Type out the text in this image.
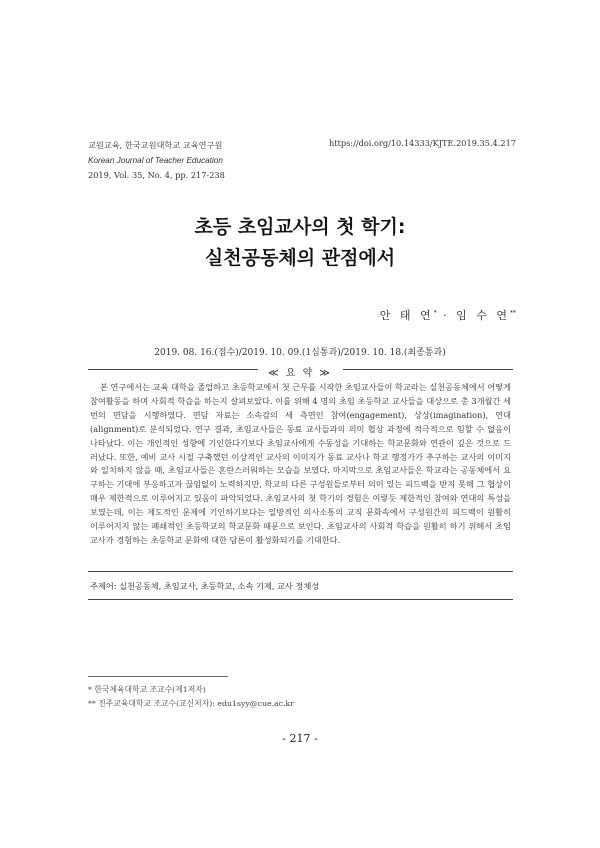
교원교육, 한국교원대학교 교육연구원
Korean Journal of Teacher Education
2019, Vol. 35, No. 4, pp. 217-238
https://doi.org/10.14333/KJTE.2019.35.4.217
초등 초임교사의 첫 학기:
실천공동체의 관점에서
안 태 연* · 임 수 연**
2019. 08. 16.(접수)/2019. 10. 09.(1심통과)/2019. 10. 18.(최종통과)
≪ 요 약 ≫

본 연구에서는 교육 대학을 졸업하고 초등학교에서 첫 근무를 시작한 초임교사들이 학교라는 실천공동체에서 어떻게 참여활동을 하며 사회적 학습을 하는지 살펴보았다. 이를 위해 4 명의 초임 초등학교 교사들을 대상으로 총 3개월간 세 번의 면담을 시행하였다. 면담 자료는 소속감의 세 측면인 참여(engagement), 상상(imagination), 연대(alignment)로 분석되었다. 연구 결과, 초임교사들은 동료 교사들과의 의미 협상 과정에 적극적으로 임할 수 없음이 나타났다. 이는 개인적인 성향에 기인한다기보다 초임교사에게 수동성을 기대하는 학교문화와 연관이 깊은 것으로 드러났다. 또한, 예비 교사 시절 구축했던 이상적인 교사의 이미지가 동료 교사나 학교 행정가가 추구하는 교사의 이미지와 일치하지 않을 때, 초임교사들은 혼란스러워하는 모습을 보였다. 마지막으로 초임교사들은 학교라는 공동체에서 요구하는 기대에 부응하고자 끊임없이 노력하지만, 학교의 다른 구성원들로부터 의미 있는 피드백을 받지 못해 그 협상이 매우 제한적으로 이루어지고 있음이 파악되었다. 초임교사의 첫 학기의 경험은 이렇듯 제한적인 참여와 연대의 특성을 보였는데, 이는 제도적인 문제에 기인하기보다는 일방적인 의사소통의 교직 문화속에서 구성원간의 피드백이 원활히 이루어지지 않는 폐쇄적인 초등학교의 학교문화 때문으로 보인다. 초임교사의 사회적 학습을 원활히 하기 위해서 초임교사가 경험하는 초등학교 문화에 대한 담론이 활성화되기를 기대한다.

주제어: 실천공동체, 초임교사, 초등학교, 소속 기제, 교사 정체성
* 한국체육대학교 조교수(제1저자)
** 진주교육대학교 조교수(교신저자): edu1syy@cue.ac.kr
- 217 -
